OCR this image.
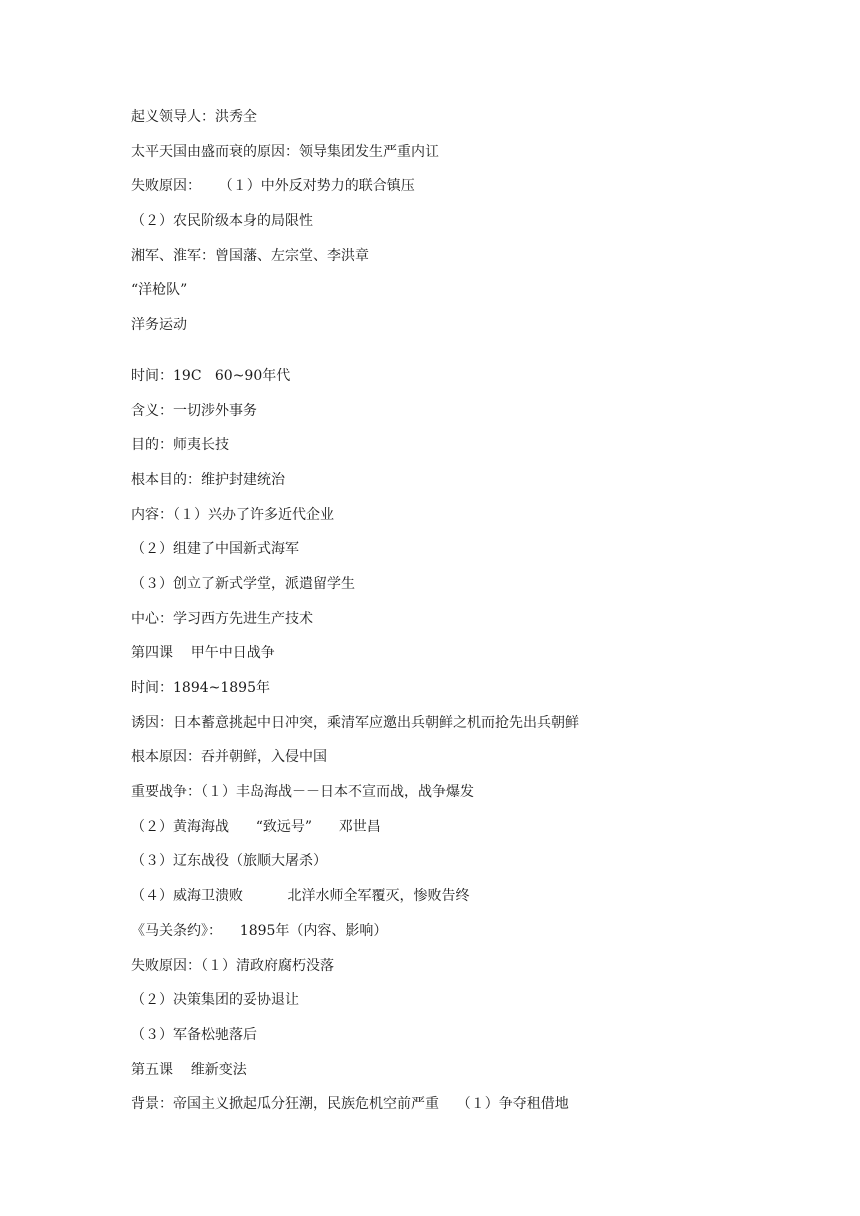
起义领导人：洪秀全
太平天国由盛而衰的原因：领导集团发生严重内讧
失败原因：    （１）中外反对势力的联合镇压
（２）农民阶级本身的局限性
湘军、淮军：曾国藩、左宗堂、李洪章
“洋枪队”
洋务运动
时间：19C   60~90年代
含义：一切涉外事务
目的：师夷长技
根本目的：维护封建统治
内容：（１）兴办了许多近代企业
（２）组建了中国新式海军
（３）创立了新式学堂，派遣留学生
中心：学习西方先进生产技术
第四课    甲午中日战争
时间：1894~1895年
诱因：日本蓄意挑起中日冲突，乘清军应邀出兵朝鲜之机而抢先出兵朝鲜
根本原因：吞并朝鲜，入侵中国
重要战争：（１）丰岛海战－－日本不宣而战，战争爆发
（２）黄海海战      “致远号”      邓世昌
（３）辽东战役（旅顺大屠杀）
（４）威海卫溃败          北洋水师全军覆灭，惨败告终
《马关条约》：    1895年（内容、影响）
失败原因：（１）清政府腐朽没落
（２）决策集团的妥协退让
（３）军备松驰落后
第五课    维新变法
背景：帝国主义掀起瓜分狂潮，民族危机空前严重    （１）争夺租借地
